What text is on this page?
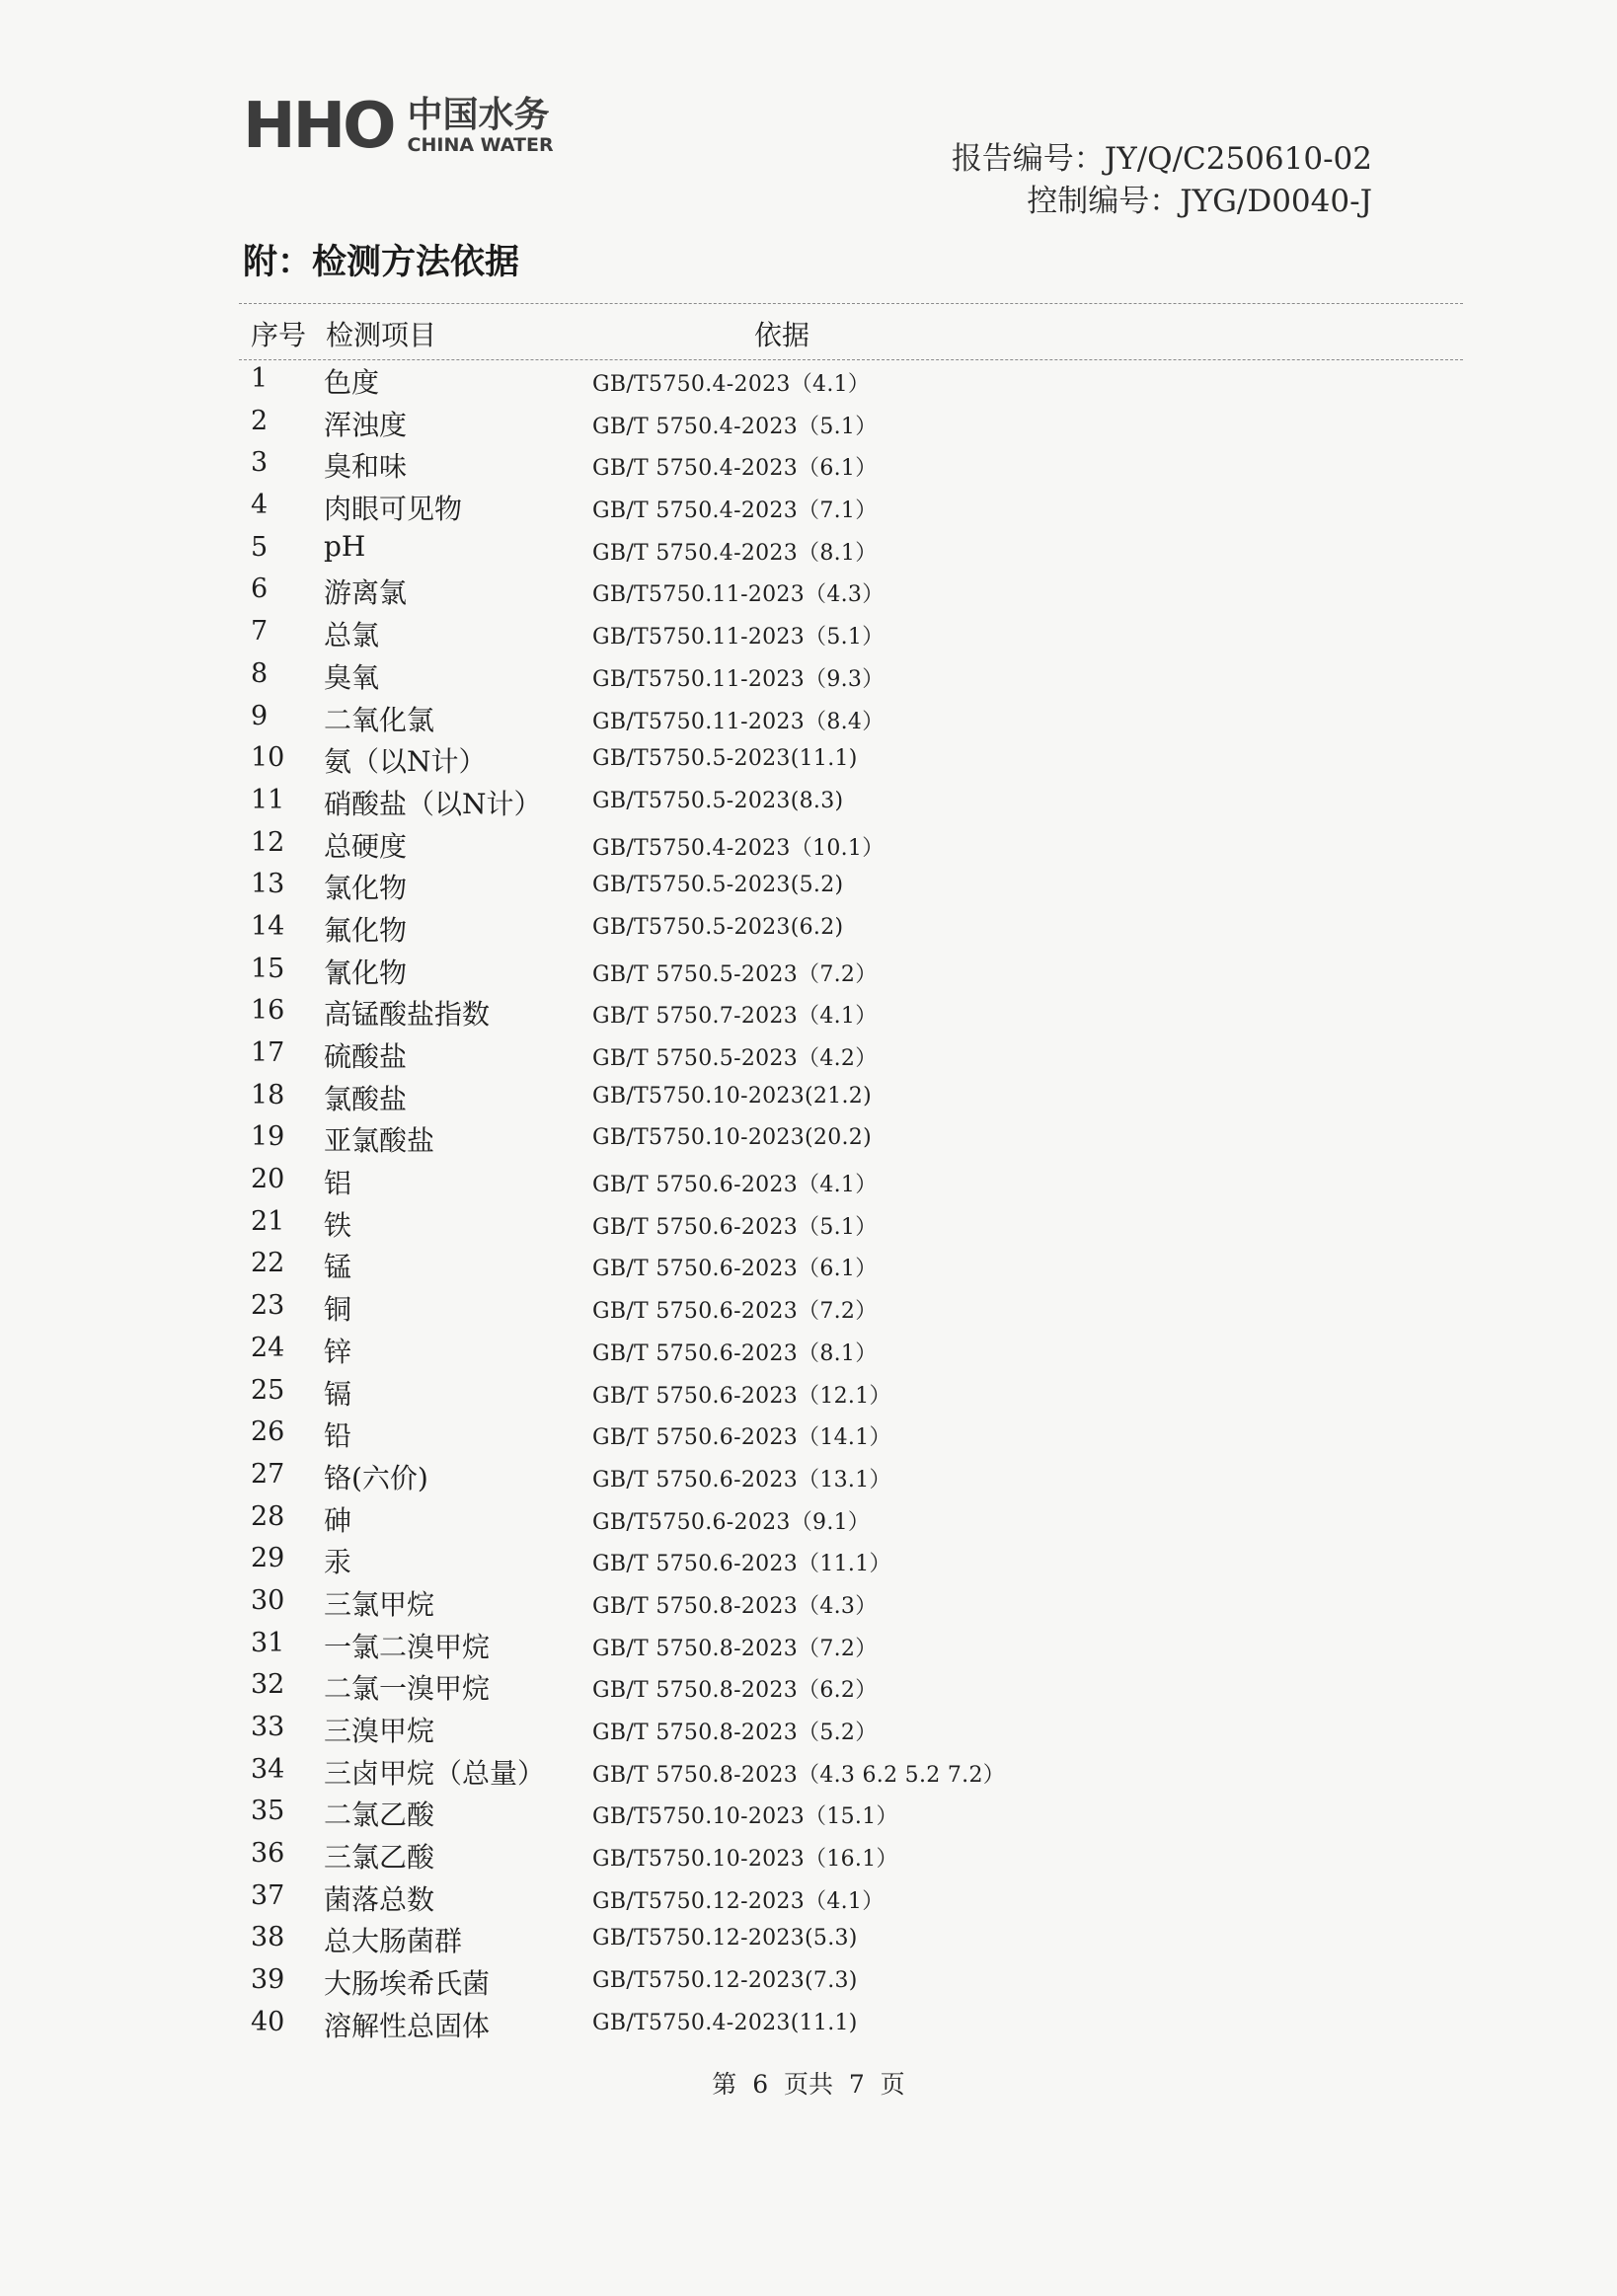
HHO 中国水务
CHINA WATER	报告编号：JY/Q/C250610-02
控制编号：JYG/D0040-J
附：检测方法依据
序号 检测项目	依据
1 色度	GB/T5750.4-2023（4.1）
2 浑浊度	GB/T 5750.4-2023（5.1）
3 臭和味	GB/T 5750.4-2023（6.1）
4 肉眼可见物	GB/T 5750.4-2023（7.1）
5 pH	GB/T 5750.4-2023（8.1）
6 游离氯	GB/T5750.11-2023（4.3）
7 总氯	GB/T5750.11-2023（5.1）
8 臭氧	GB/T5750.11-2023（9.3）
9 二氧化氯	GB/T5750.11-2023（8.4）
10 氨（以N计）	GB/T5750.5-2023(11.1)
11 硝酸盐（以N计） GB/T5750.5-2023(8.3)
12 总硬度	GB/T5750.4-2023（10.1）
13 氯化物	GB/T5750.5-2023(5.2)
14 氟化物	GB/T5750.5-2023(6.2)
15 氰化物	GB/T 5750.5-2023（7.2）
16 高锰酸盐指数	GB/T 5750.7-2023（4.1）
17 硫酸盐	GB/T 5750.5-2023（4.2）
18 氯酸盐	GB/T5750.10-2023(21.2)
19 亚氯酸盐	GB/T5750.10-2023(20.2)
20 铝	GB/T 5750.6-2023（4.1）
21 铁	GB/T 5750.6-2023（5.1）
22 锰	GB/T 5750.6-2023（6.1）
23 铜	GB/T 5750.6-2023（7.2）
24 锌	GB/T 5750.6-2023（8.1）
25 镉	GB/T 5750.6-2023（12.1）
26 铅	GB/T 5750.6-2023（14.1）
27 铬(六价)	GB/T 5750.6-2023（13.1）
28 砷	GB/T5750.6-2023（9.1）
29 汞	GB/T 5750.6-2023（11.1）
30 三氯甲烷	GB/T 5750.8-2023（4.3）
31 一氯二溴甲烷	GB/T 5750.8-2023（7.2）
32 二氯一溴甲烷	GB/T 5750.8-2023（6.2）
33 三溴甲烷	GB/T 5750.8-2023（5.2）
34 三卤甲烷（总量） GB/T 5750.8-2023（4.3 6.2 5.2 7.2）
35 二氯乙酸	GB/T5750.10-2023（15.1）
36 三氯乙酸	GB/T5750.10-2023（16.1）
37 菌落总数	GB/T5750.12-2023（4.1）
38 总大肠菌群	GB/T5750.12-2023(5.3)
39 大肠埃希氏菌	GB/T5750.12-2023(7.3)
40 溶解性总固体	GB/T5750.4-2023(11.1)
第  6  页共  7  页
